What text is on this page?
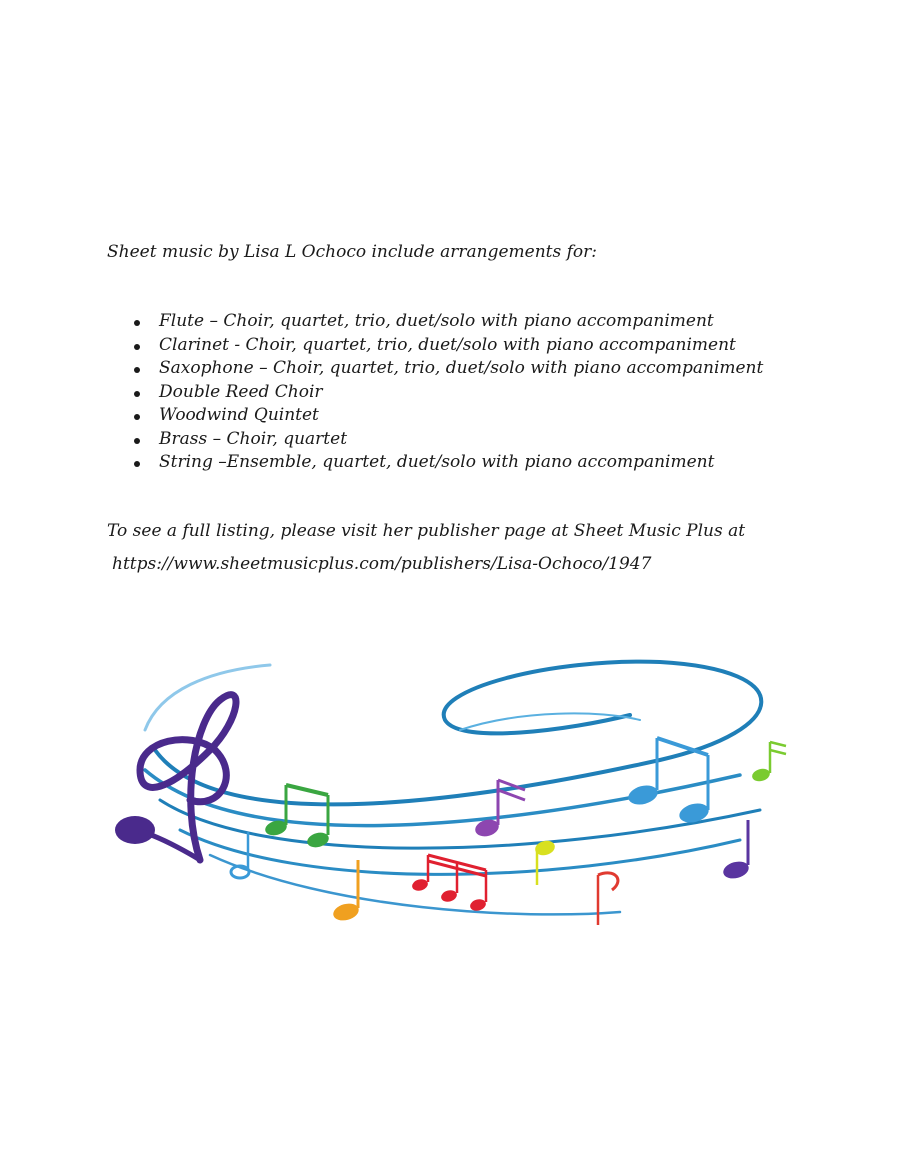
Sheet music by Lisa L Ochoco include arrangements for:

Flute – Choir, quartet, trio, duet/solo with piano accompaniment
Clarinet - Choir, quartet, trio, duet/solo with piano accompaniment
Saxophone – Choir, quartet, trio, duet/solo with piano accompaniment
Double Reed Choir
Woodwind Quintet
Brass – Choir, quartet
String –Ensemble, quartet, duet/solo with piano accompaniment

To see a full listing, please visit her publisher page at Sheet Music Plus at

https://www.sheetmusicplus.com/publishers/Lisa-Ochoco/1947
